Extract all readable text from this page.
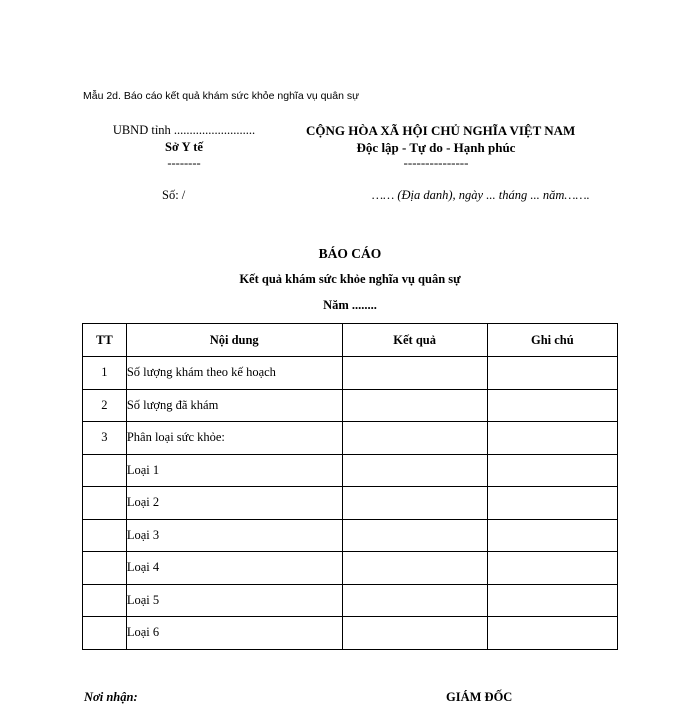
Mẫu 2d. Báo cáo kết quả khám sức khỏe nghĩa vụ quân sự
UBND tỉnh ..........................
Sở Y tế
--------
CỘNG HÒA XÃ HỘI CHỦ NGHĨA VIỆT NAM
Độc lập - Tự do - Hạnh phúc
---------------
Số: /	…… (Địa danh), ngày ... tháng ... năm…….
BÁO CÁO
Kết quả khám sức khỏe nghĩa vụ quân sự
Năm ........
TT	Nội dung	Kết quả	Ghi chú
1	Số lượng khám theo kế hoạch		
2	Số lượng đã khám		
3	Phân loại sức khỏe:		
	Loại 1		
	Loại 2		
	Loại 3		
	Loại 4		
	Loại 5		
	Loại 6		
Nơi nhận:	GIÁM ĐỐC
